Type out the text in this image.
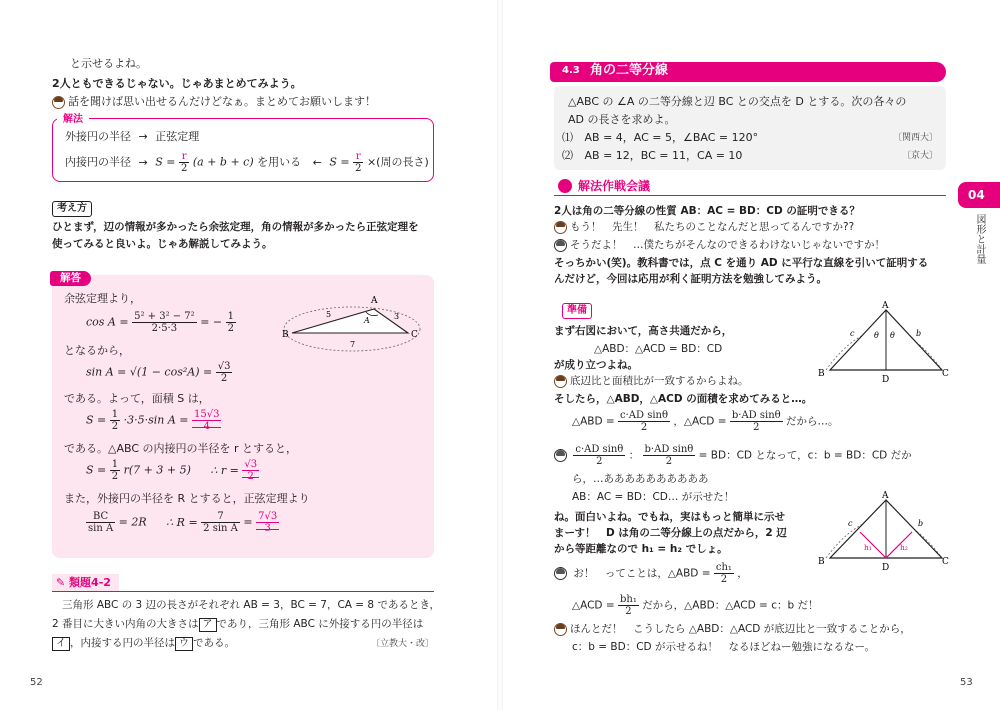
と示せるよね。
2人ともできるじゃない。じゃあまとめてみよう。
話を聞けば思い出せるんだけどなぁ。まとめてお願いします！
解法
外接円の半径 → 正弦定理
内接円の半径 → $S = \frac{r}{2} (a + b + c)$ を用いる ← $S = \frac{r}{2}$ ×(周の長さ)
考え方
ひとまず，辺の情報が多かったら余弦定理，角の情報が多かったら正弦定理を
使ってみると良いよ。じゃあ解説してみよう。
解答
余弦定理より，
$\cos A = \frac{\text{5² + 3² − 7²}}{2\cdot 5\cdot 3}$ = − $\frac{1}{2}$
となるから，
$\sin A = √(1 - \cos^2A) = \frac{√3}{2}$
である。よって，面積 S は，
$S = \frac{1}{2} \cdot 3\cdot 5\cdot\sin$ $A = \frac{15√3}{4}$
である。△ABC の内接円の半径を r とすると，
$S = \frac{1}{2} r(7 + 3 + 5)$ ∴ $r = \frac{√3}{2}$
また，外接円の半径を R とすると，正弦定理より
$\frac{BC}{\text{sin A}} = 2R$ ∴ $R = \frac{7}{\text{2 sin A}} = \frac{7√3}{3}$
A
B	C
5	3
7
A
✎ 類題4-2
三角形 ABC の 3 辺の長さがそれぞれ AB = 3，BC = 7，CA = 8 であるとき，
2 番目に大きい内角の大きさは ア であり，三角形 ABC に外接する円の半径は
イ ，内接する円の半径は ウ である。	〔立教大・改〕
52
4.3 角の二等分線
△ABC の ∠A の二等分線と辺 BC との交点を D とする。次の各々の
AD の長さを求めよ。
⑴ AB = 4，AC = 5，∠BAC = 120°	〔関西大〕
⑵ AB = 12，BC = 11，CA = 10	〔京大〕
解法作戦会議
2人は角の二等分線の性質 AB：AC = BD：CD の証明できる？
もう！　先生！　私たちのことなんだと思ってるんですか??
そうだよ！　…僕たちがそんなのできるわけないじゃないですか！
そっちかい(笑)。教科書では，点 C を通り AD に平行な直線を引いて証明する
んだけど，今回は応用が利く証明方法を勉強してみよう。
準備
まず右図において，高さ共通だから，
△ABD：△ACD = BD：CD
が成り立つよね。
底辺比と面積比が一致するからよね。
そしたら，△ABD，△ACD の面積を求めてみると…。
△ABD = $\frac{\text{c·AD sinθ}}{2}$ ，△ACD = $\frac{\text{b·AD sinθ}}{2}$ だから…。

$\frac{\text{c·AD sinθ}}{2}$ ： $\frac{\text{b·AD sinθ}}{2}$ = BD：CD となって，c：b = BD：CD だか
ら，…ああああああああああ
AB：AC = BD：CD… が示せた！
ね。面白いよね。でもね，実はもっと簡単に示せ
まーす！　D は角の二等分線上の点だから，2 辺
から等距離なので h₁ = h₂ でしょ。
お！　ってことは，△ABD = $\frac{\text{ch₁}}{2}$ ，
△ACD = $\frac{\text{bh₁}}{2}$ だから，△ABD：△ACD = c：b だ！
ほんとだ！　こうしたら △ABD：△ACD が底辺比と一致することから，
c：b = BD：CD が示せるね！　なるほどねー勉強になるなー。
A
B	C
D
c	b
θ θ
A
B	C
D
c	b
h₁	h₂
04
図形と計量
53
